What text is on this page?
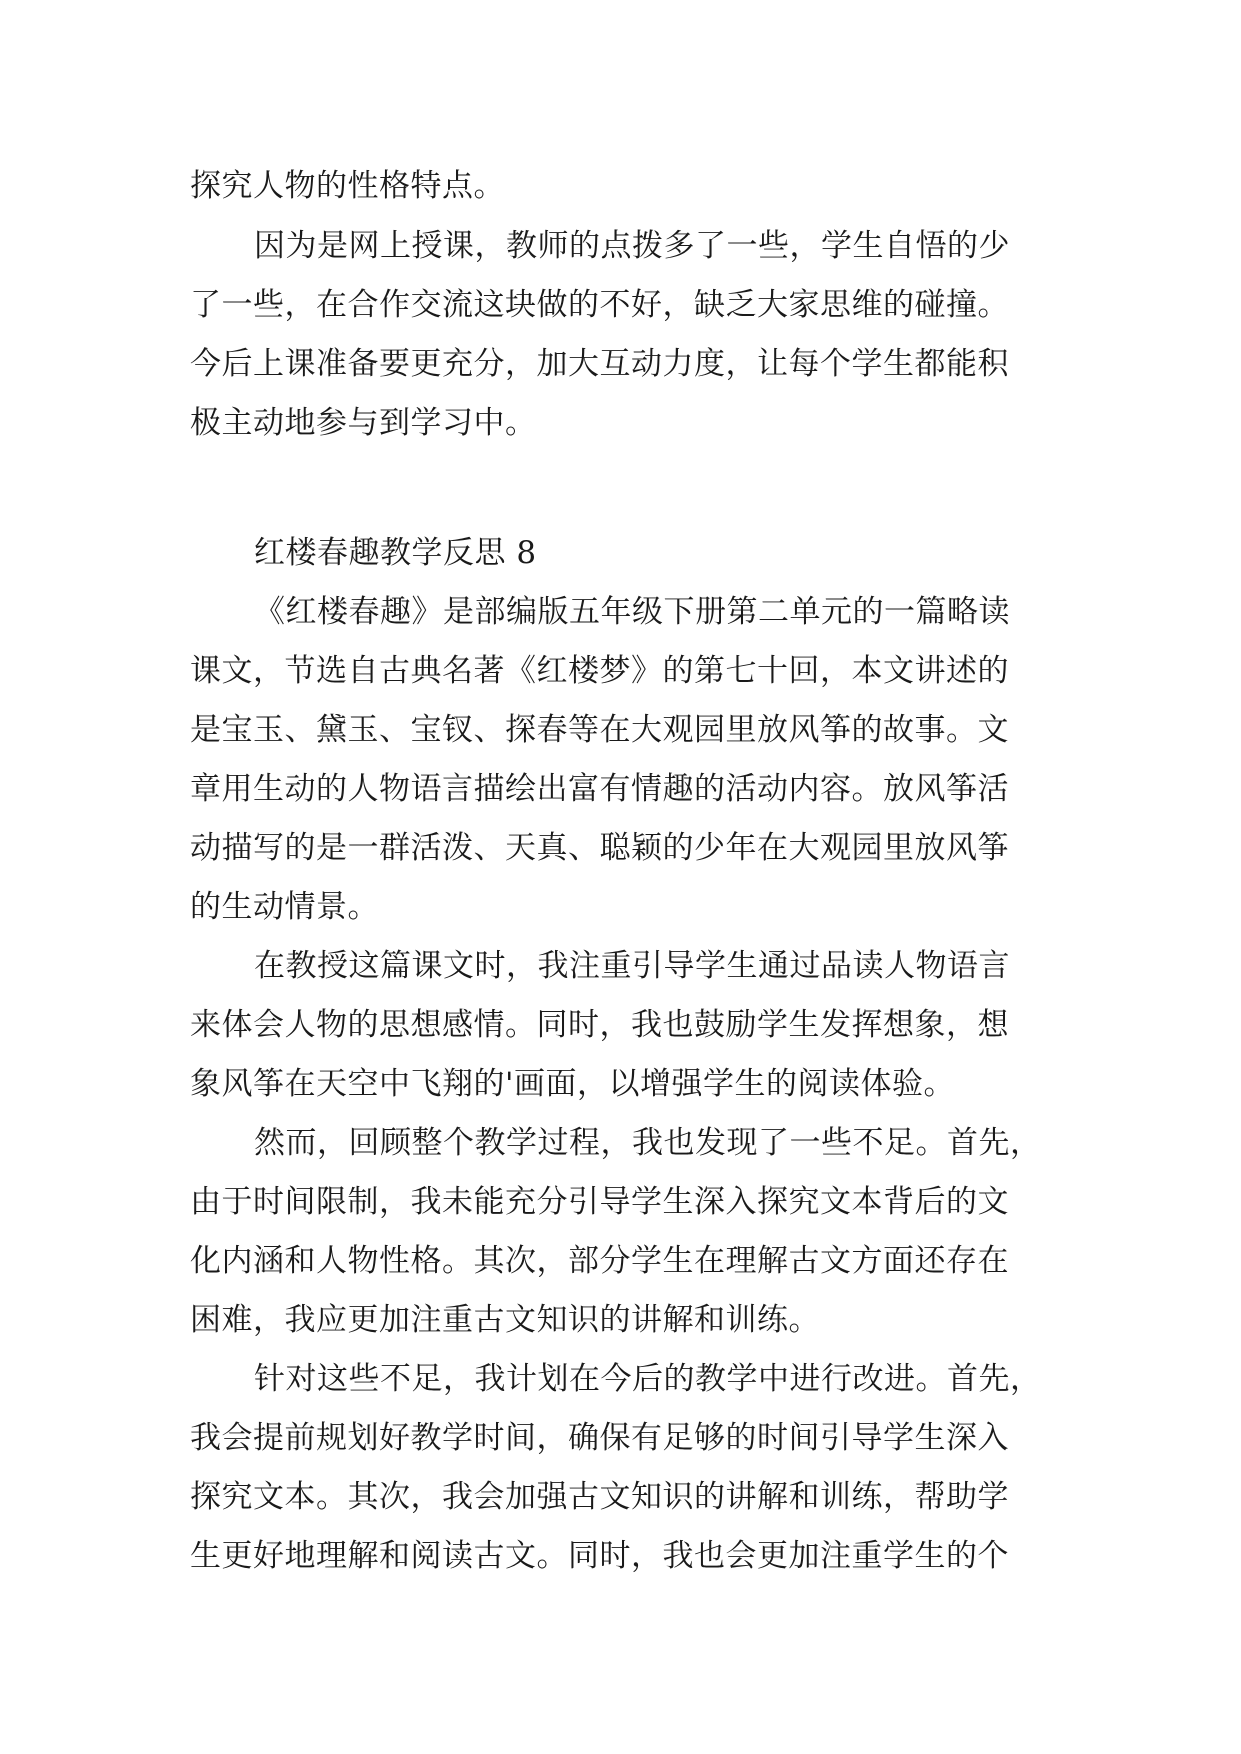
探究人物的性格特点。

因为是网上授课，教师的点拨多了一些，学生自悟的少

了一些，在合作交流这块做的不好，缺乏大家思维的碰撞。

今后上课准备要更充分，加大互动力度，让每个学生都能积

极主动地参与到学习中。

红楼春趣教学反思 8

《红楼春趣》是部编版五年级下册第二单元的一篇略读

课文，节选自古典名著《红楼梦》的第七十回，本文讲述的

是宝玉、黛玉、宝钗、探春等在大观园里放风筝的故事。文

章用生动的人物语言描绘出富有情趣的活动内容。放风筝活

动描写的是一群活泼、天真、聪颖的少年在大观园里放风筝

的生动情景。

在教授这篇课文时，我注重引导学生通过品读人物语言

来体会人物的思想感情。同时，我也鼓励学生发挥想象，想

象风筝在天空中飞翔的'画面，以增强学生的阅读体验。

然而，回顾整个教学过程，我也发现了一些不足。首先，

由于时间限制，我未能充分引导学生深入探究文本背后的文

化内涵和人物性格。其次，部分学生在理解古文方面还存在

困难，我应更加注重古文知识的讲解和训练。

针对这些不足，我计划在今后的教学中进行改进。首先，

我会提前规划好教学时间，确保有足够的时间引导学生深入

探究文本。其次，我会加强古文知识的讲解和训练，帮助学

生更好地理解和阅读古文。同时，我也会更加注重学生的个
